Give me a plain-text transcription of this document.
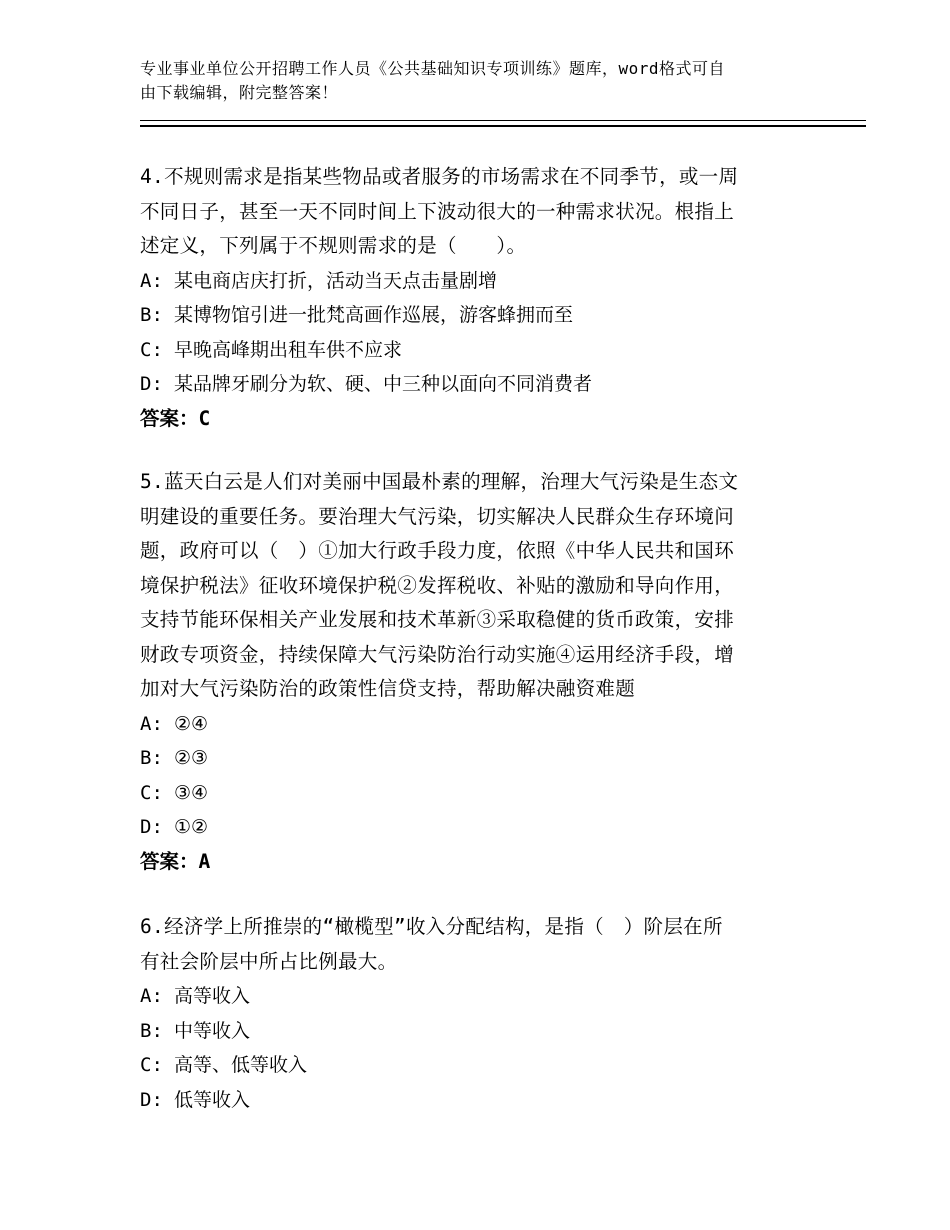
专业事业单位公开招聘工作人员《公共基础知识专项训练》题库，word格式可自
由下载编辑，附完整答案！

4.不规则需求是指某些物品或者服务的市场需求在不同季节，或一周

不同日子，甚至一天不同时间上下波动很大的一种需求状况。根指上

述定义，下列属于不规则需求的是（　　）。

A: 某电商店庆打折，活动当天点击量剧增

B: 某博物馆引进一批梵高画作巡展，游客蜂拥而至

C: 早晚高峰期出租车供不应求

D: 某品牌牙刷分为软、硬、中三种以面向不同消费者

答案：C

5.蓝天白云是人们对美丽中国最朴素的理解，治理大气污染是生态文

明建设的重要任务。要治理大气污染，切实解决人民群众生存环境问

题，政府可以（　）①加大行政手段力度，依照《中华人民共和国环

境保护税法》征收环境保护税②发挥税收、补贴的激励和导向作用，

支持节能环保相关产业发展和技术革新③采取稳健的货币政策，安排

财政专项资金，持续保障大气污染防治行动实施④运用经济手段，增

加对大气污染防治的政策性信贷支持，帮助解决融资难题

A: ②④

B: ②③

C: ③④

D: ①②

答案：A

6.经济学上所推崇的“橄榄型”收入分配结构，是指（　）阶层在所

有社会阶层中所占比例最大。

A: 高等收入

B: 中等收入

C: 高等、低等收入

D: 低等收入
